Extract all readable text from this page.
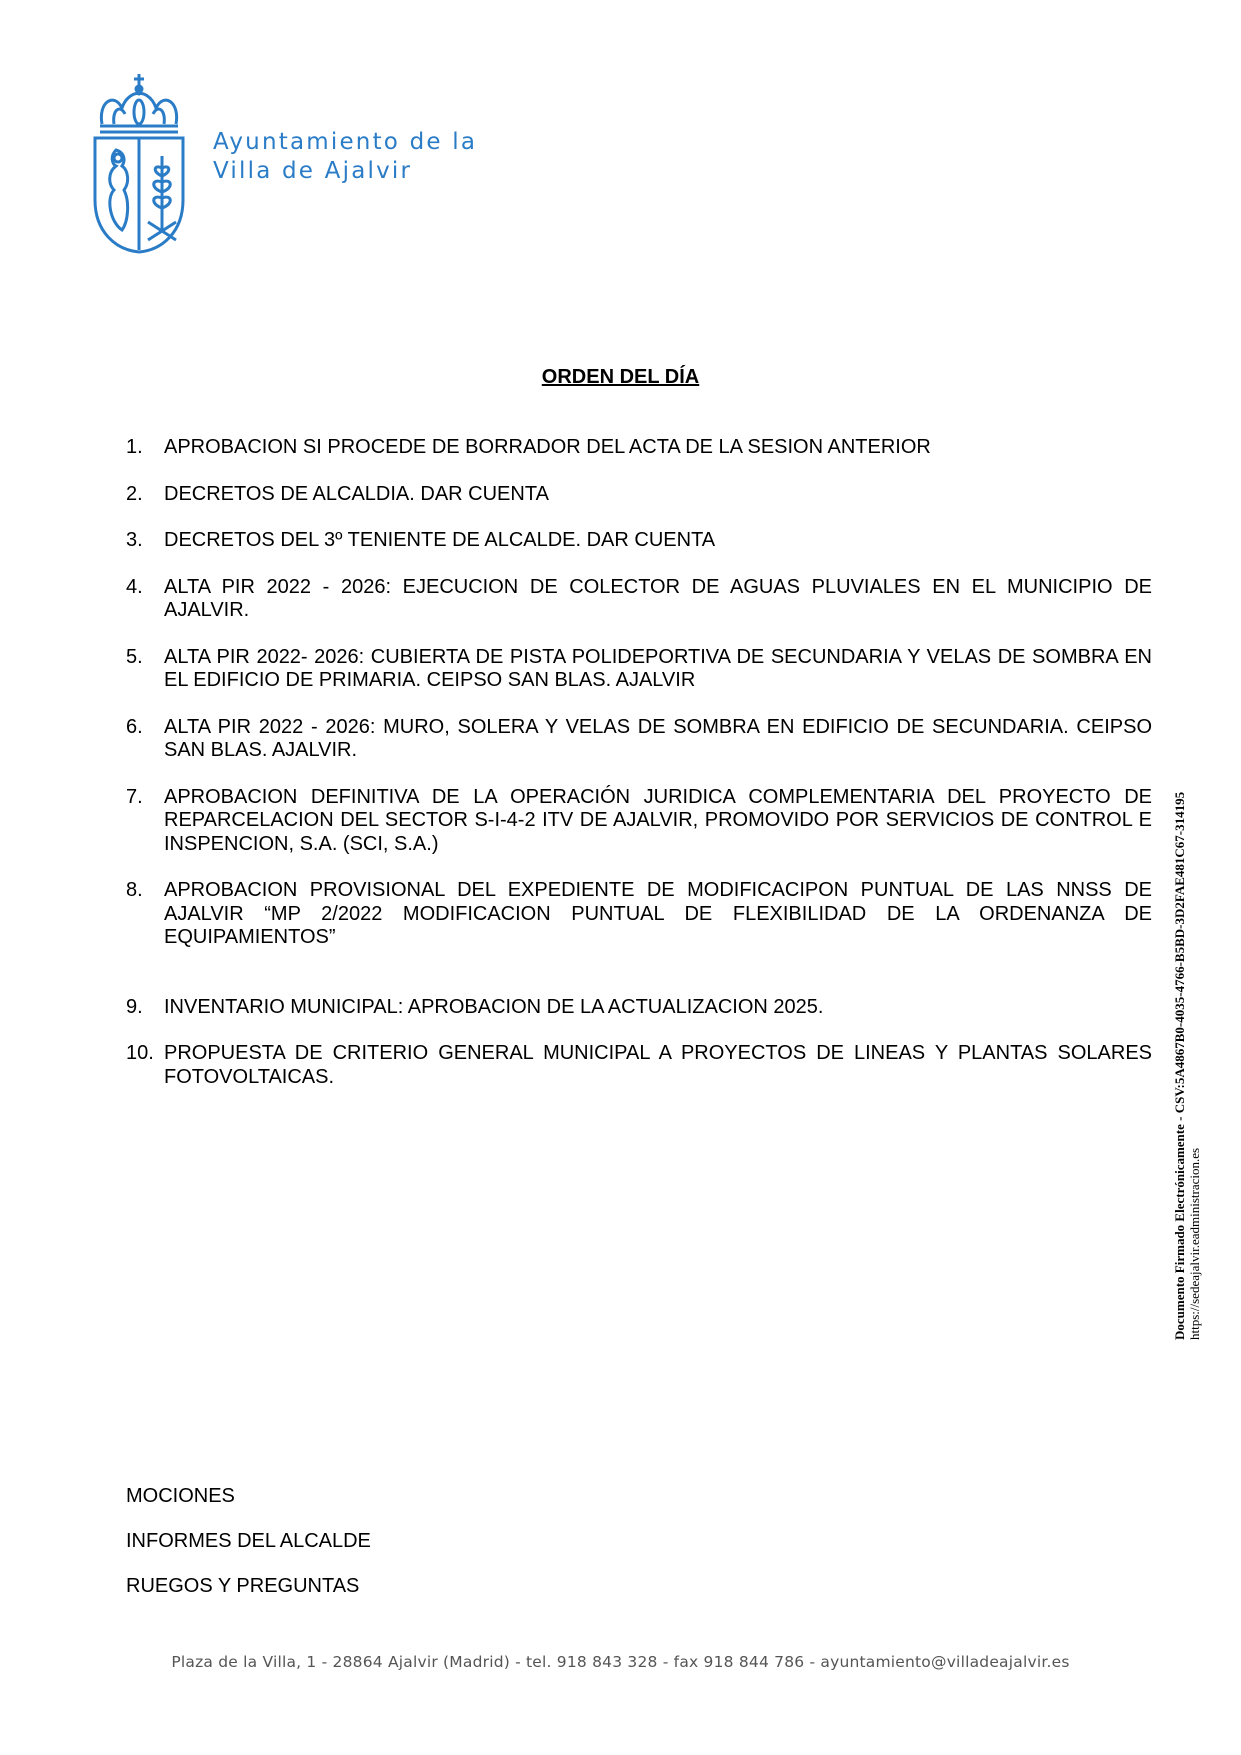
Ayuntamiento de la
Villa de Ajalvir
ORDEN DEL DÍA
1. APROBACION SI PROCEDE DE BORRADOR DEL ACTA DE LA SESION ANTERIOR
2. DECRETOS DE ALCALDIA. DAR CUENTA
3. DECRETOS DEL 3º TENIENTE DE ALCALDE. DAR CUENTA
4. ALTA PIR 2022 - 2026: EJECUCION DE COLECTOR DE AGUAS PLUVIALES EN EL MUNICIPIO DE AJALVIR.
5. ALTA PIR 2022- 2026: CUBIERTA DE PISTA POLIDEPORTIVA DE SECUNDARIA Y VELAS DE SOMBRA EN EL EDIFICIO DE PRIMARIA. CEIPSO SAN BLAS. AJALVIR
6. ALTA PIR 2022 - 2026: MURO, SOLERA Y VELAS DE SOMBRA EN EDIFICIO DE SECUNDARIA. CEIPSO SAN BLAS. AJALVIR.
7. APROBACION DEFINITIVA DE LA OPERACIÓN JURIDICA COMPLEMENTARIA DEL PROYECTO DE REPARCELACION DEL SECTOR S-I-4-2 ITV DE AJALVIR, PROMOVIDO POR SERVICIOS DE CONTROL E INSPENCION, S.A. (SCI, S.A.)
8. APROBACION PROVISIONAL DEL EXPEDIENTE DE MODIFICACIPON PUNTUAL DE LAS NNSS DE AJALVIR “MP 2/2022 MODIFICACION PUNTUAL DE FLEXIBILIDAD DE LA ORDENANZA DE EQUIPAMIENTOS”
9. INVENTARIO MUNICIPAL: APROBACION DE LA ACTUALIZACION 2025.
10. PROPUESTA DE CRITERIO GENERAL MUNICIPAL A PROYECTOS DE LINEAS Y PLANTAS SOLARES FOTOVOLTAICAS.
MOCIONES
INFORMES DEL ALCALDE
RUEGOS Y PREGUNTAS
Documento Firmado Electrónicamente - CSV:5A4867B0-4035-4766-B5BD-3D2FAE481C67-314195
https://sedeajalvir.eadministracion.es
Plaza de la Villa, 1 - 28864 Ajalvir (Madrid) - tel. 918 843 328 - fax 918 844 786 - ayuntamiento@villadeajalvir.es
